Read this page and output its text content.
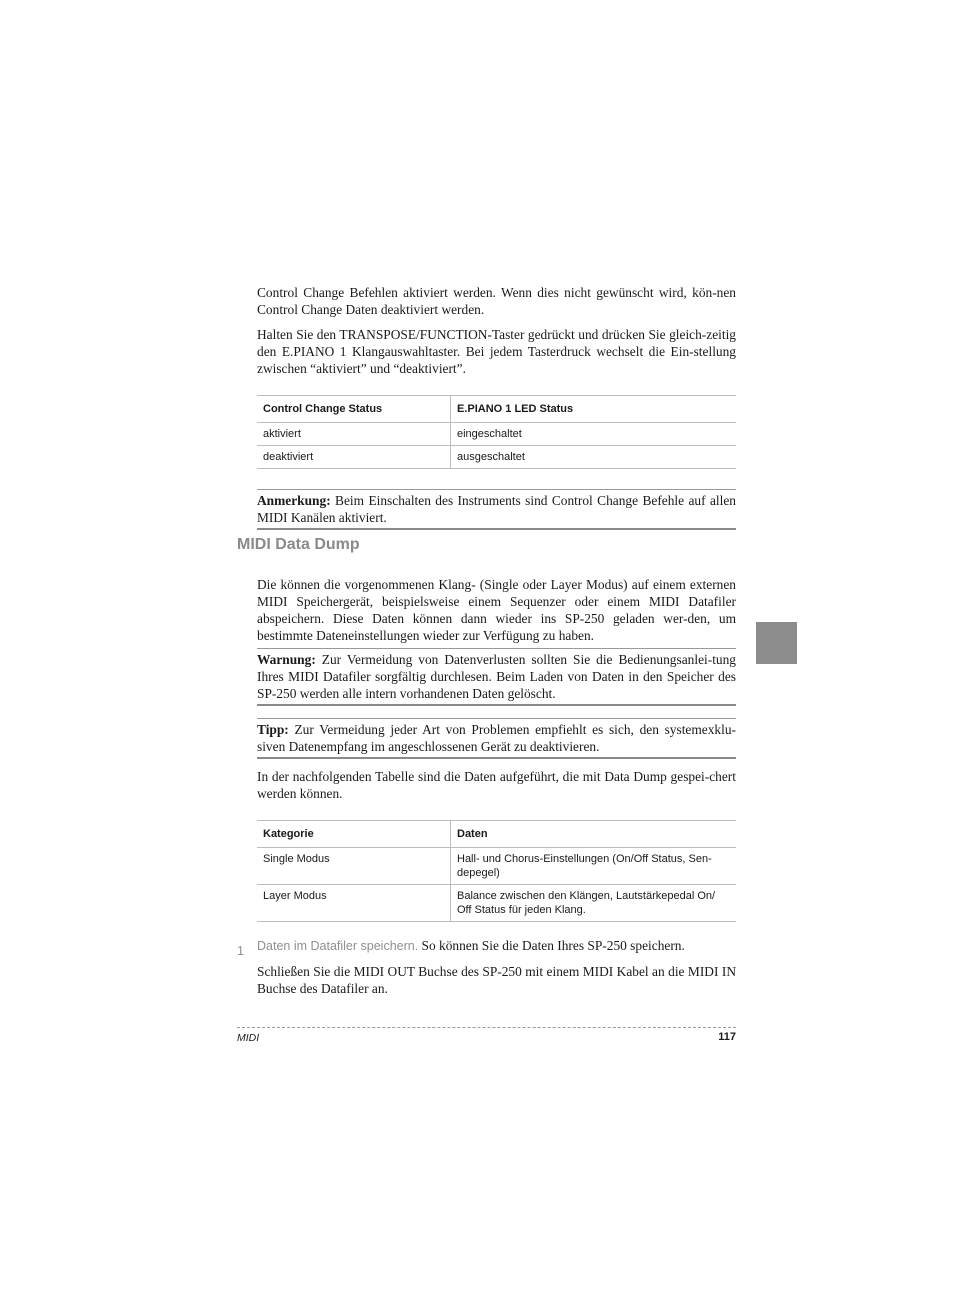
Control Change Befehlen aktiviert werden. Wenn dies nicht gewünscht wird, kön-nen Control Change Daten deaktiviert werden.

Halten Sie den TRANSPOSE/FUNCTION-Taster gedrückt und drücken Sie gleich-zeitig den E.PIANO 1 Klangauswahltaster. Bei jedem Tasterdruck wechselt die Ein-stellung zwischen “aktiviert” und “deaktiviert”.

Control Change Status	E.PIANO 1 LED Status
aktiviert	eingeschaltet
deaktiviert	ausgeschaltet

Anmerkung: Beim Einschalten des Instruments sind Control Change Befehle auf allen MIDI Kanälen aktiviert.

Die können die vorgenommenen Klang- (Single oder Layer Modus) auf einem externen MIDI Speichergerät, beispielsweise einem Sequenzer oder einem MIDI Datafiler abspeichern. Diese Daten können dann wieder ins SP-250 geladen wer-den, um bestimmte Dateneinstellungen wieder zur Verfügung zu haben.

Warnung: Zur Vermeidung von Datenverlusten sollten Sie die Bedienungsanlei-tung Ihres MIDI Datafiler sorgfältig durchlesen. Beim Laden von Daten in den Speicher des SP-250 werden alle intern vorhandenen Daten gelöscht.

Tipp: Zur Vermeidung jeder Art von Problemen empfiehlt es sich, den systemexklu-siven Datenempfang im angeschlossenen Gerät zu deaktivieren.

In der nachfolgenden Tabelle sind die Daten aufgeführt, die mit Data Dump gespei-chert werden können.

Kategorie	Daten
Single Modus	Hall- und Chorus-Einstellungen (On/Off Status, Sen-depegel)
Layer Modus	Balance zwischen den Klängen, Lautstärkepedal On/ Off Status für jeden Klang.

Daten im Datafiler speichern. So können Sie die Daten Ihres SP-250 speichern.

Schließen Sie die MIDI OUT Buchse des SP-250 mit einem MIDI Kabel an die MIDI IN Buchse des Datafiler an.

MIDI Data Dump
1
MIDI	117
